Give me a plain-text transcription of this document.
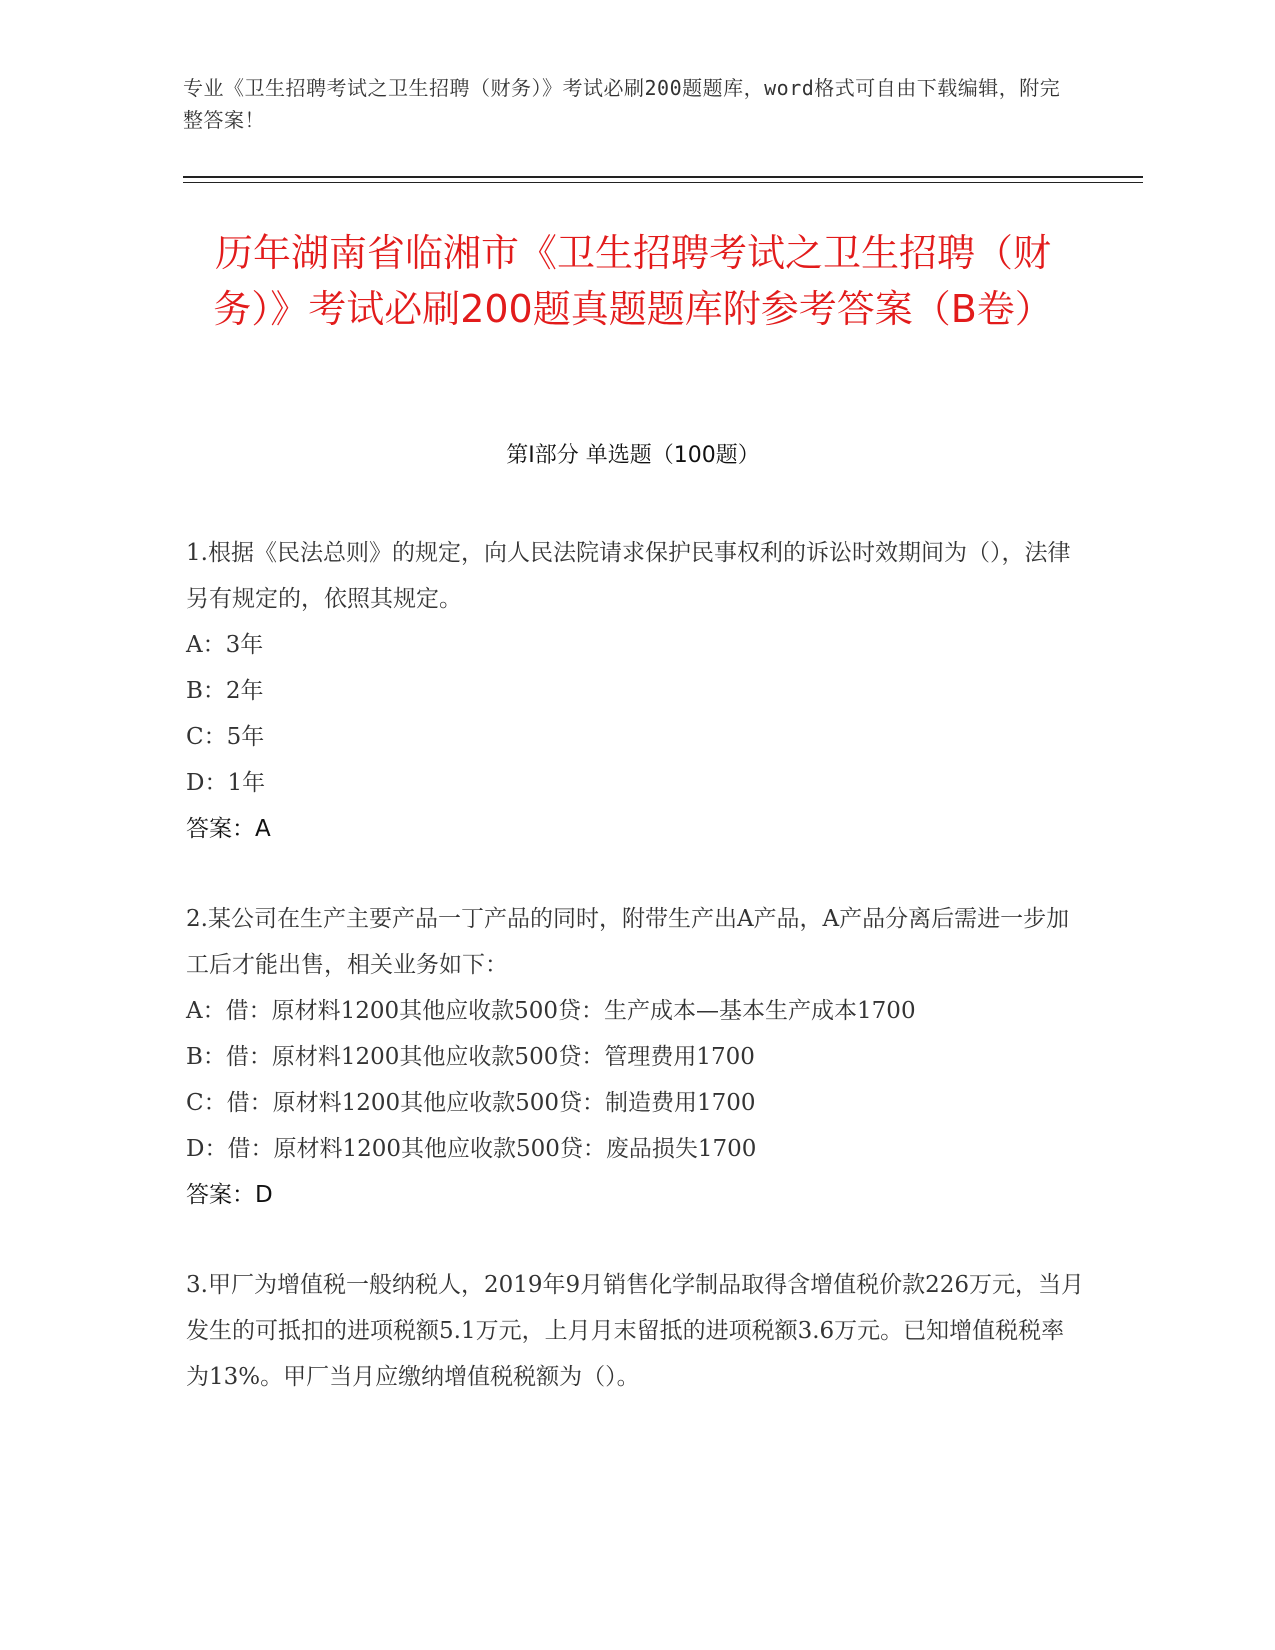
专业《卫生招聘考试之卫生招聘（财务）》考试必刷200题题库，word格式可自由下载编辑，附完整答案！
历年湖南省临湘市《卫生招聘考试之卫生招聘（财务）》考试必刷200题真题题库附参考答案（B卷）
第Ⅰ部分 单选题（100题）

1.根据《民法总则》的规定，向人民法院请求保护民事权利的诉讼时效期间为（），法律另有规定的，依照其规定。

A：3年

B：2年

C：5年

D：1年

答案：A

2.某公司在生产主要产品一丁产品的同时，附带生产出A产品，A产品分离后需进一步加工后才能出售，相关业务如下：

A：借：原材料1200其他应收款500贷：生产成本—基本生产成本1700

B：借：原材料1200其他应收款500贷：管理费用1700

C：借：原材料1200其他应收款500贷：制造费用1700

D：借：原材料1200其他应收款500贷：废品损失1700

答案：D

3.甲厂为增值税一般纳税人，2019年9月销售化学制品取得含增值税价款226万元，当月发生的可抵扣的进项税额5.1万元，上月月末留抵的进项税额3.6万元。已知增值税税率为13%。甲厂当月应缴纳增值税税额为（）。
